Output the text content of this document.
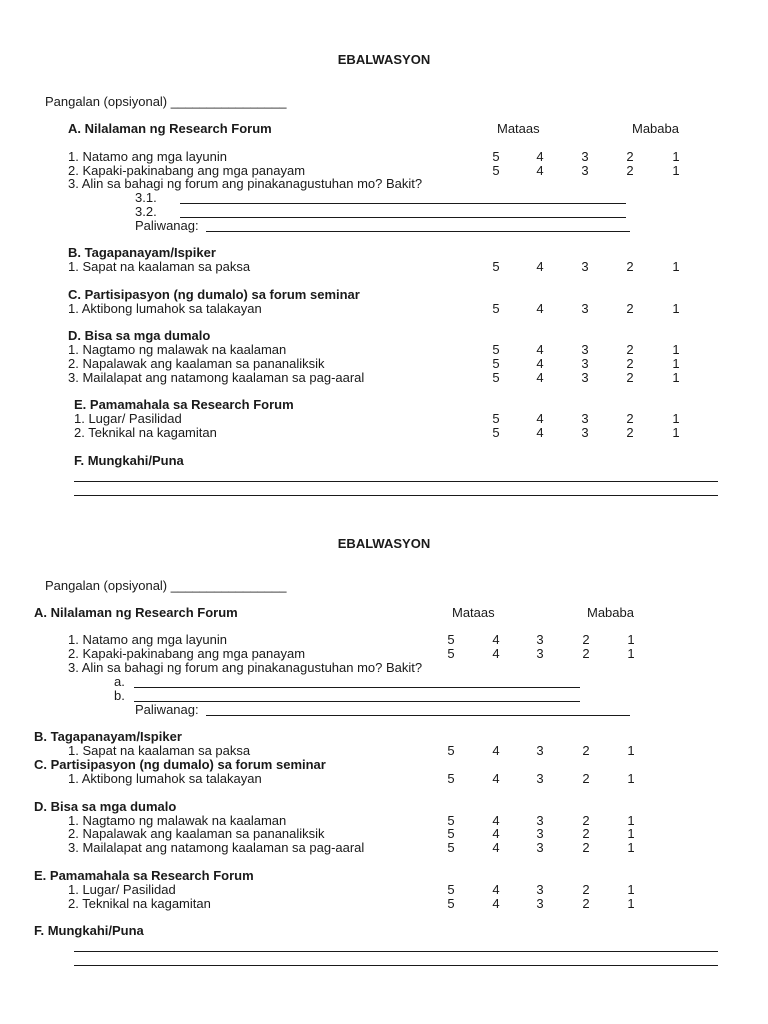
EBALWASYON
Pangalan (opsiyonal) ________________
A. Nilalaman ng Research Forum	Mataas	Mababa
1. Natamo ang mga layunin	5	4	3	2	1
2. Kapaki-pakinabang ang mga panayam	5	4	3	2	1
3. Alin sa bahagi ng forum ang pinakanagustuhan mo? Bakit?
3.1.
3.2.
Paliwanag:
B. Tagapanayam/Ispiker
1. Sapat na kaalaman sa paksa	5	4	3	2	1
C. Partisipasyon (ng dumalo) sa forum seminar
1. Aktibong lumahok sa talakayan	5	4	3	2	1
D. Bisa sa mga dumalo
1. Nagtamo ng malawak na kaalaman	5	4	3	2	1
2. Napalawak ang kaalaman sa pananaliksik	5	4	3	2	1
3. Mailalapat ang natamong kaalaman sa pag-aaral	5	4	3	2	1
E. Pamamahala sa Research Forum
1. Lugar/ Pasilidad	5	4	3	2	1
2. Teknikal na kagamitan	5	4	3	2	1
F. Mungkahi/Puna
EBALWASYON
Pangalan (opsiyonal) ________________
A. Nilalaman ng Research Forum	Mataas	Mababa
1. Natamo ang mga layunin	5	4	3	2	1
2. Kapaki-pakinabang ang mga panayam	5	4	3	2	1
3. Alin sa bahagi ng forum ang pinakanagustuhan mo? Bakit?
a.
b.
Paliwanag:
B. Tagapanayam/Ispiker
1. Sapat na kaalaman sa paksa	5	4	3	2	1
C. Partisipasyon (ng dumalo) sa forum seminar
1. Aktibong lumahok sa talakayan	5	4	3	2	1
D. Bisa sa mga dumalo
1. Nagtamo ng malawak na kaalaman	5	4	3	2	1
2. Napalawak ang kaalaman sa pananaliksik	5	4	3	2	1
3. Mailalapat ang natamong kaalaman sa pag-aaral	5	4	3	2	1
E. Pamamahala sa Research Forum
1. Lugar/ Pasilidad	5	4	3	2	1
2. Teknikal na kagamitan	5	4	3	2	1
F. Mungkahi/Puna
